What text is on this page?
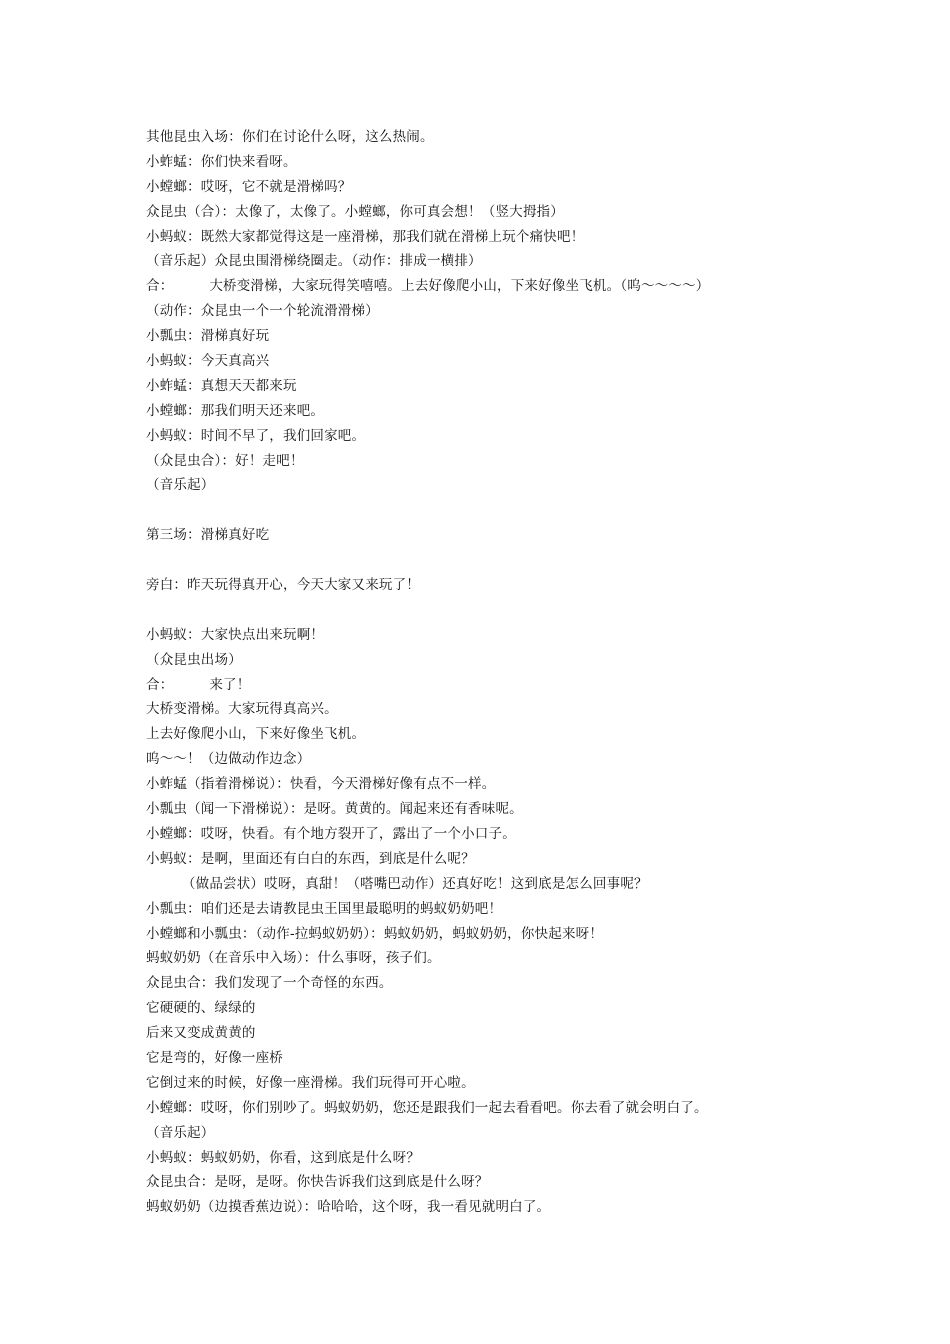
其他昆虫入场：你们在讨论什么呀，这么热闹。
小蚱蜢：你们快来看呀。
小螳螂：哎呀，它不就是滑梯吗？
众昆虫（合）：太像了，太像了。小螳螂，你可真会想！（竖大拇指）
小蚂蚁：既然大家都觉得这是一座滑梯，那我们就在滑梯上玩个痛快吧！
（音乐起）众昆虫围滑梯绕圈走。（动作：排成一横排）
合：        大桥变滑梯，大家玩得笑嘻嘻。上去好像爬小山，下来好像坐飞机。（呜～～～～）
（动作：众昆虫一个一个轮流滑滑梯）
小瓢虫：滑梯真好玩
小蚂蚁：今天真高兴
小蚱蜢：真想天天都来玩
小螳螂：那我们明天还来吧。
小蚂蚁：时间不早了，我们回家吧。
（众昆虫合）：好！走吧！
（音乐起）
第三场：滑梯真好吃
旁白：昨天玩得真开心，今天大家又来玩了！
小蚂蚁：大家快点出来玩啊！
（众昆虫出场）
合：        来了！
大桥变滑梯。大家玩得真高兴。
上去好像爬小山，下来好像坐飞机。
呜～～！（边做动作边念）
小蚱蜢（指着滑梯说）：快看，今天滑梯好像有点不一样。
小瓢虫（闻一下滑梯说）：是呀。黄黄的。闻起来还有香味呢。
小螳螂：哎呀，快看。有个地方裂开了，露出了一个小口子。
小蚂蚁：是啊，里面还有白白的东西，到底是什么呢？
（做品尝状）哎呀，真甜！（嗒嘴巴动作）还真好吃！这到底是怎么回事呢？
小瓢虫：咱们还是去请教昆虫王国里最聪明的蚂蚁奶奶吧！
小螳螂和小瓢虫：（动作-拉蚂蚁奶奶）：蚂蚁奶奶，蚂蚁奶奶，你快起来呀！
蚂蚁奶奶（在音乐中入场）：什么事呀，孩子们。
众昆虫合：我们发现了一个奇怪的东西。
它硬硬的、绿绿的
后来又变成黄黄的
它是弯的，好像一座桥
它倒过来的时候，好像一座滑梯。我们玩得可开心啦。
小螳螂：哎呀，你们别吵了。蚂蚁奶奶，您还是跟我们一起去看看吧。你去看了就会明白了。
（音乐起）
小蚂蚁：蚂蚁奶奶，你看，这到底是什么呀？
众昆虫合：是呀，是呀。你快告诉我们这到底是什么呀？
蚂蚁奶奶（边摸香蕉边说）：哈哈哈，这个呀，我一看见就明白了。
